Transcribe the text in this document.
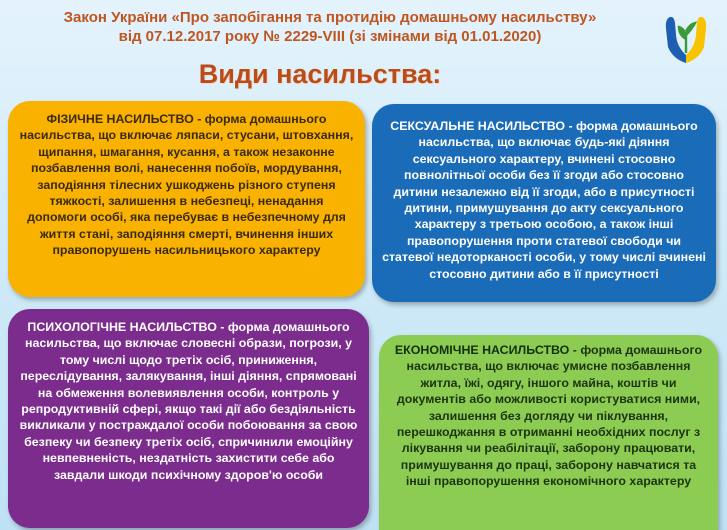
Закон України «Про запобігання та протидію домашньому насильству»
від 07.12.2017 року № 2229-VIII (зі змінами від 01.01.2020)
Види насильства:
ФІЗИЧНЕ НАСИЛЬСТВО - форма домашнього насильства, що включає ляпаси, стусани, штовхання, щипання, шмагання, кусання, а також незаконне позбавлення волі, нанесення побоїв, мордування, заподіяння тілесних ушкоджень різного ступеня тяжкості, залишення в небезпеці, ненадання допомоги особі, яка перебуває в небезпечному для життя стані, заподіяння смерті, вчинення інших правопорушень насильницького характеру
СЕКСУАЛЬНЕ НАСИЛЬСТВО - форма домашнього насильства, що включає будь-які діяння сексуального характеру, вчинені стосовно повнолітньої особи без її згоди або стосовно дитини незалежно від її згоди, або в присутності дитини, примушування до акту сексуального характеру з третьою особою, а також інші правопорушення проти статевої свободи чи статевої недоторканості особи, у тому числі вчинені стосовно дитини або в її присутності
ПСИХОЛОГІЧНЕ НАСИЛЬСТВО - форма домашнього насильства, що включає словесні образи, погрози, у тому числі щодо третіх осіб, приниження, переслідування, залякування, інші діяння, спрямовані на обмеження волевиявлення особи, контроль у репродуктивній сфері, якщо такі дії або бездіяльність викликали у постраждалої особи побоювання за свою безпеку чи безпеку третіх осіб, спричинили емоційну невпевненість, нездатність захистити себе або завдали шкоди психічному здоров'ю особи
ЕКОНОМІЧНЕ НАСИЛЬСТВО - форма домашнього насильства, що включає умисне позбавлення житла, їжі, одягу, іншого майна, коштів чи документів або можливості користуватися ними, залишення без догляду чи піклування, перешкоджання в отриманні необхідних послуг з лікування чи реабілітації, заборону працювати, примушування до праці, заборону навчатися та інші правопорушення економічного характеру
